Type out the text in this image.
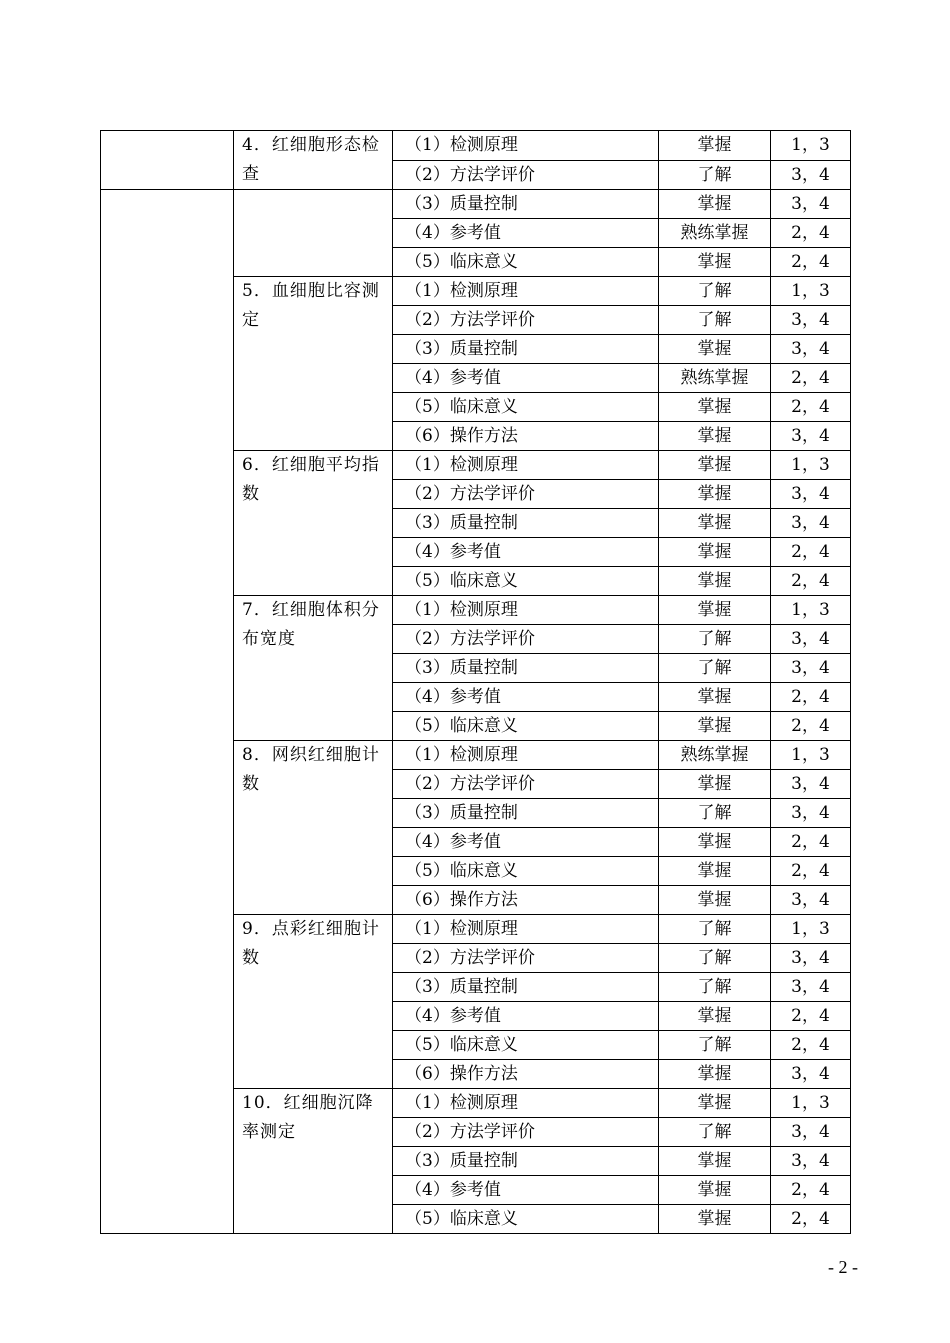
	4．红细胞形态检查	（1）检测原理	掌握	1，3
		（2）方法学评价	了解	3，4
		（3）质量控制	掌握	3，4
		（4）参考值	熟练掌握	2，4
		（5）临床意义	掌握	2，4
	5．血细胞比容测定	（1）检测原理	了解	1，3
		（2）方法学评价	了解	3，4
		（3）质量控制	掌握	3，4
		（4）参考值	熟练掌握	2，4
		（5）临床意义	掌握	2，4
		（6）操作方法	掌握	3，4
	6．红细胞平均指数	（1）检测原理	掌握	1，3
		（2）方法学评价	掌握	3，4
		（3）质量控制	掌握	3，4
		（4）参考值	掌握	2，4
		（5）临床意义	掌握	2，4
	7．红细胞体积分布宽度	（1）检测原理	掌握	1，3
		（2）方法学评价	了解	3，4
		（3）质量控制	了解	3，4
		（4）参考值	掌握	2，4
		（5）临床意义	掌握	2，4
	8．网织红细胞计数	（1）检测原理	熟练掌握	1，3
		（2）方法学评价	掌握	3，4
		（3）质量控制	了解	3，4
		（4）参考值	掌握	2，4
		（5）临床意义	掌握	2，4
		（6）操作方法	掌握	3，4
	9．点彩红细胞计数	（1）检测原理	了解	1，3
		（2）方法学评价	了解	3，4
		（3）质量控制	了解	3，4
		（4）参考值	掌握	2，4
		（5）临床意义	了解	2，4
		（6）操作方法	掌握	3，4
	10．红细胞沉降率测定	（1）检测原理	掌握	1，3
		（2）方法学评价	了解	3，4
		（3）质量控制	掌握	3，4
		（4）参考值	掌握	2，4
		（5）临床意义	掌握	2，4
- 2 -
